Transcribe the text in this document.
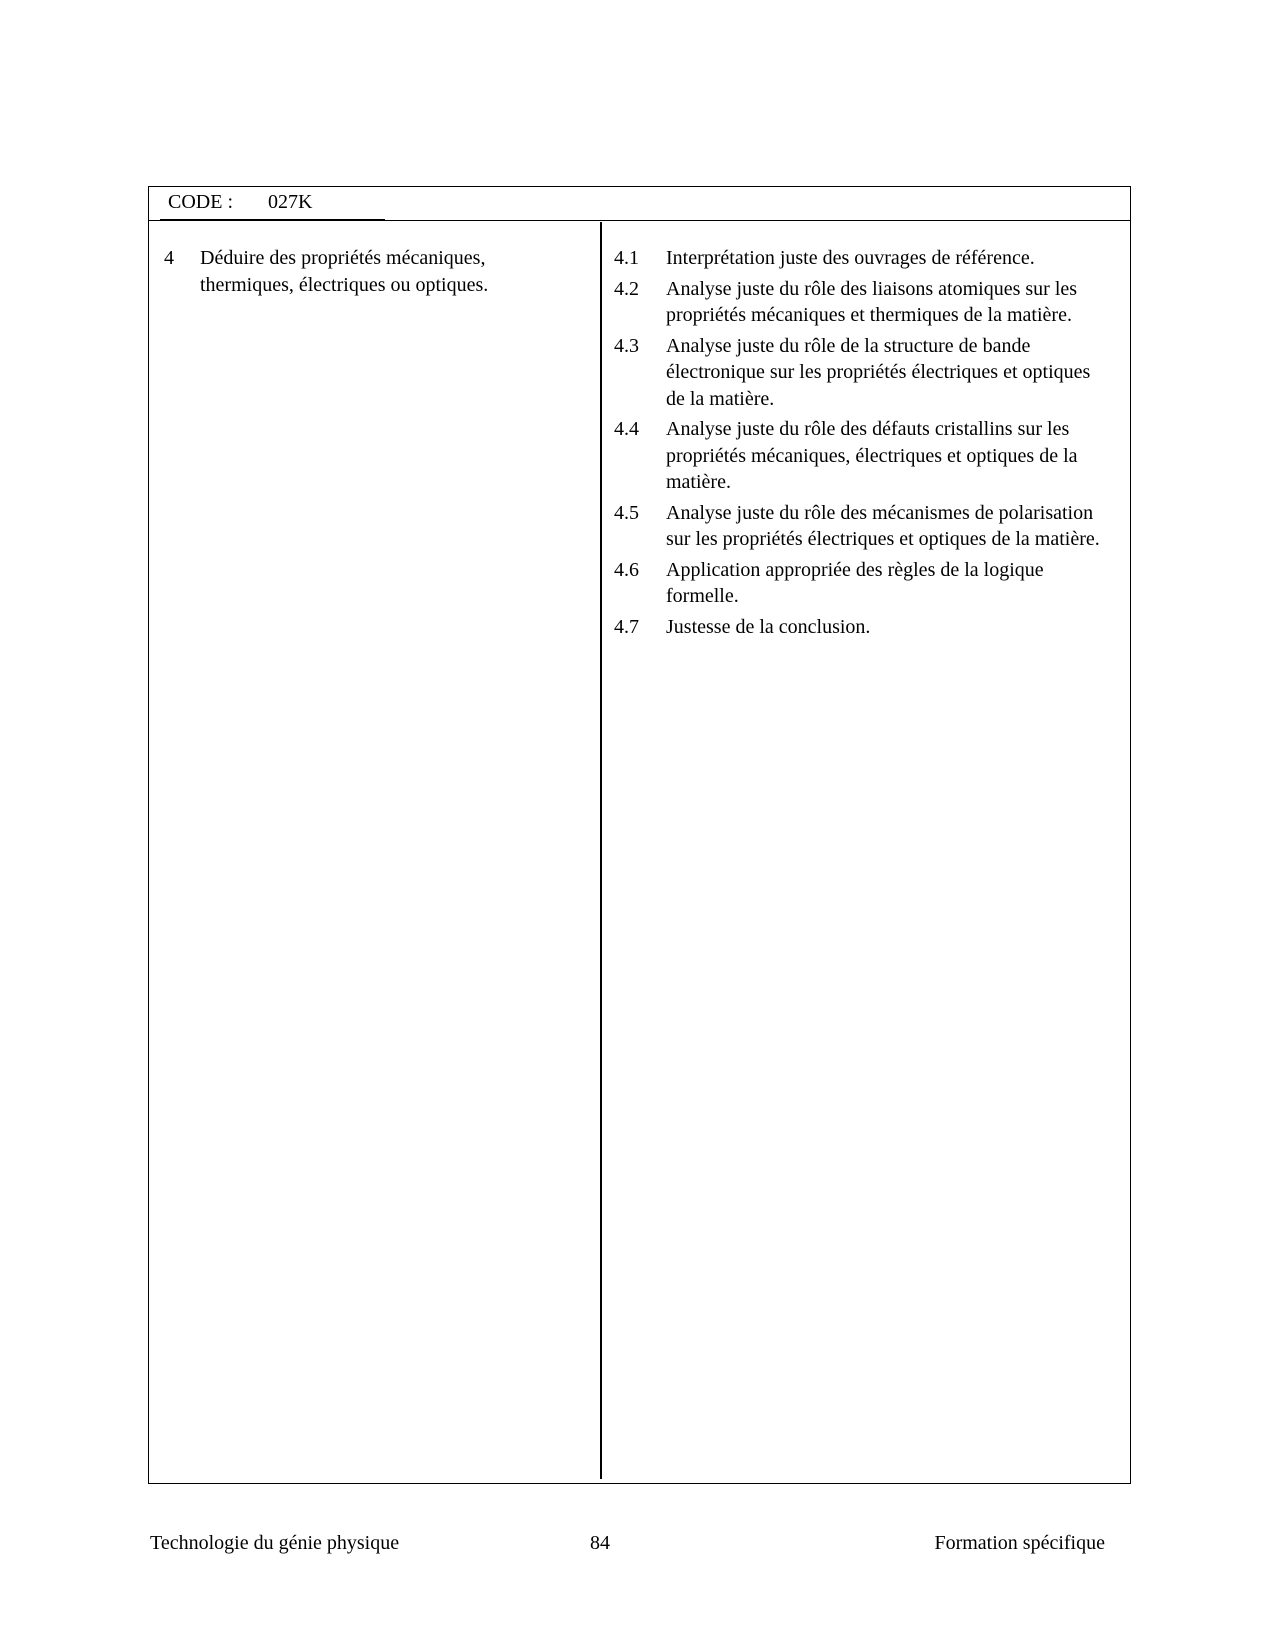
CODE : 027K
4 Déduire des propriétés mécaniques, thermiques, électriques ou optiques.
4.1 Interprétation juste des ouvrages de référence.
4.2 Analyse juste du rôle des liaisons atomiques sur les propriétés mécaniques et thermiques de la matière.
4.3 Analyse juste du rôle de la structure de bande électronique sur les propriétés électriques et optiques de la matière.
4.4 Analyse juste du rôle des défauts cristallins sur les propriétés mécaniques, électriques et optiques de la matière.
4.5 Analyse juste du rôle des mécanismes de polarisation sur les propriétés électriques et optiques de la matière.
4.6 Application appropriée des règles de la logique formelle.
4.7 Justesse de la conclusion.
Technologie du génie physique	84	Formation spécifique
